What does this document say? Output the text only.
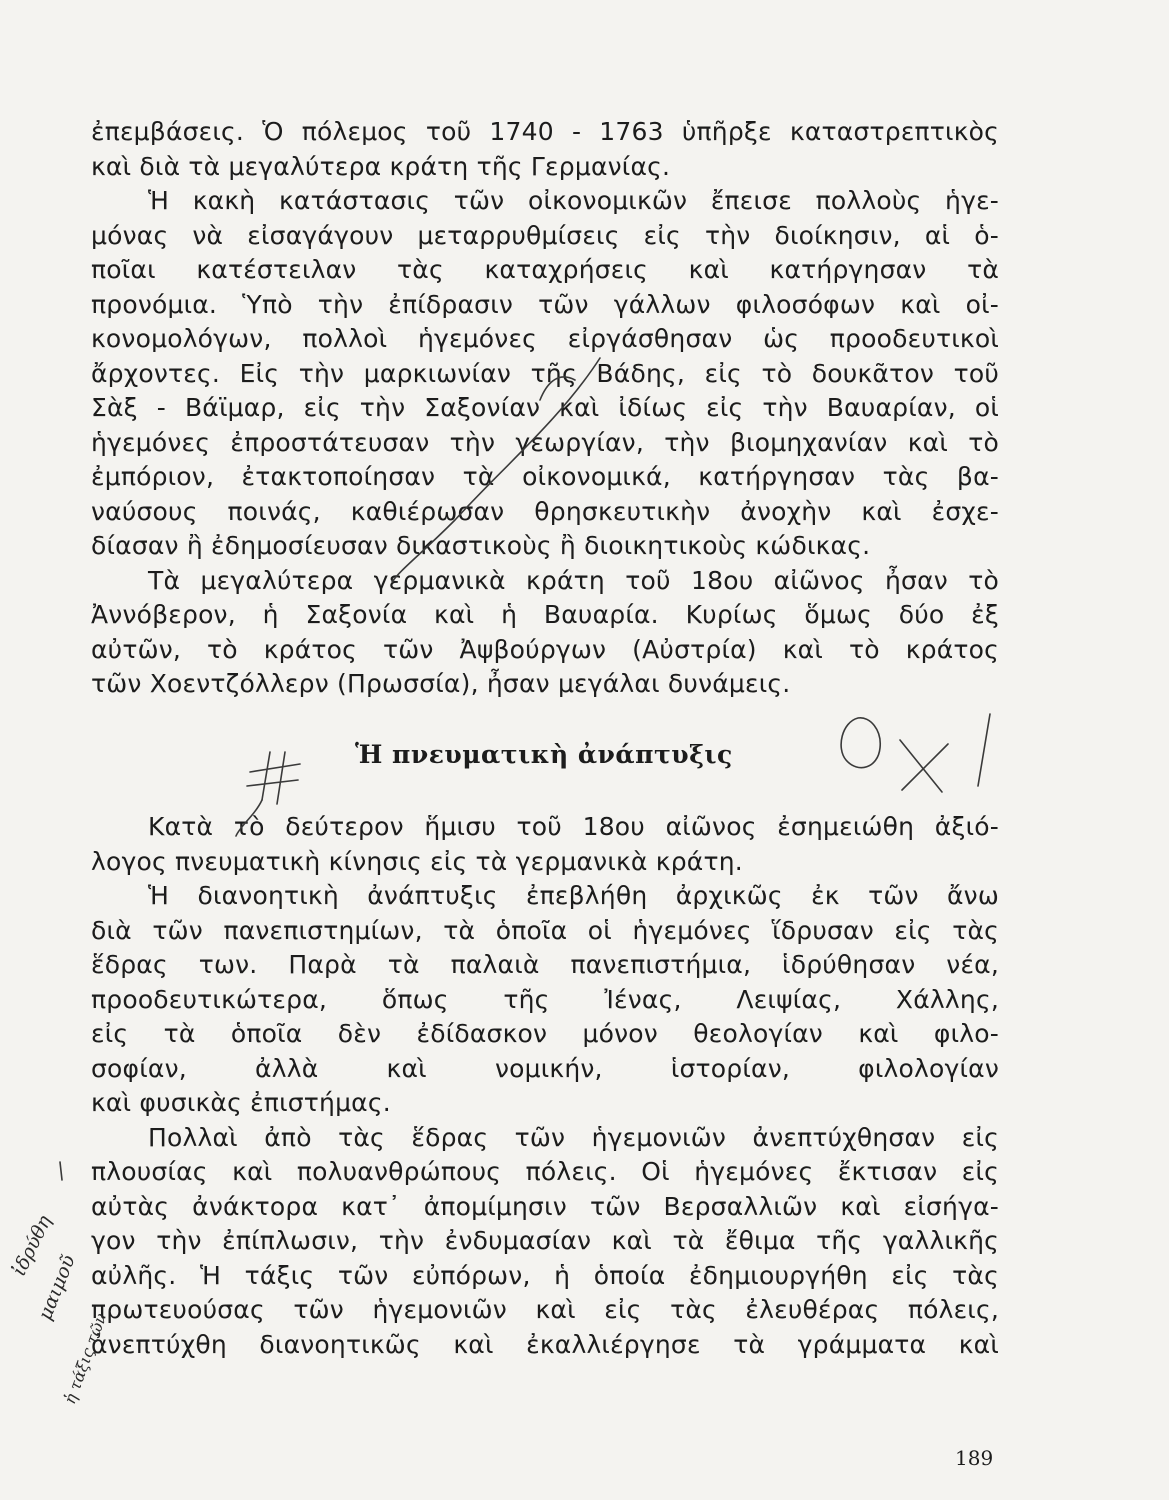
ἐπεμβάσεις. Ὁ πόλεμος τοῦ 1740 - 1763 ὑπῆρξε καταστρεπτικὸς
καὶ διὰ τὰ μεγαλύτερα κράτη τῆς Γερμανίας.
Ἡ κακὴ κατάστασις τῶν οἰκονομικῶν ἔπεισε πολλοὺς ἡγε-
μόνας νὰ εἰσαγάγουν μεταρρυθμίσεις εἰς τὴν διοίκησιν, αἱ ὁ-
ποῖαι κατέστειλαν τὰς καταχρήσεις καὶ κατήργησαν τὰ
προνόμια. Ὑπὸ τὴν ἐπίδρασιν τῶν γάλλων φιλοσόφων καὶ οἰ-
κονομολόγων, πολλοὶ ἡγεμόνες εἰργάσθησαν ὡς προοδευτικοὶ
ἄρχοντες. Εἰς τὴν μαρκιωνίαν τῆς Βάδης, εἰς τὸ δουκᾶτον τοῦ
Σὰξ - Βάϊμαρ, εἰς τὴν Σαξονίαν καὶ ἰδίως εἰς τὴν Βαυαρίαν, οἱ
ἡγεμόνες ἐπροστάτευσαν τὴν γεωργίαν, τὴν βιομηχανίαν καὶ τὸ
ἐμπόριον, ἐτακτοποίησαν τὰ οἰκονομικά, κατήργησαν τὰς βα-
ναύσους ποινάς, καθιέρωσαν θρησκευτικὴν ἀνοχὴν καὶ ἐσχε-
δίασαν ἢ ἐδημοσίευσαν δικαστικοὺς ἢ διοικητικοὺς κώδικας.
Τὰ μεγαλύτερα γερμανικὰ κράτη τοῦ 18ου αἰῶνος ἦσαν τὸ
Ἀννόβερον, ἡ Σαξονία καὶ ἡ Βαυαρία. Κυρίως ὅμως δύο ἐξ
αὐτῶν, τὸ κράτος τῶν Ἀψβούργων (Αὐστρία) καὶ τὸ κράτος
τῶν Χοεντζόλλερν (Πρωσσία), ἦσαν μεγάλαι δυνάμεις.
Ἡ πνευματικὴ ἀνάπτυξις
Κατὰ τὸ δεύτερον ἥμισυ τοῦ 18ου αἰῶνος ἐσημειώθη ἀξιό-
λογος πνευματικὴ κίνησις εἰς τὰ γερμανικὰ κράτη.
Ἡ διανοητικὴ ἀνάπτυξις ἐπεβλήθη ἀρχικῶς ἐκ τῶν ἄνω
διὰ τῶν πανεπιστημίων, τὰ ὁποῖα οἱ ἡγεμόνες ἵδρυσαν εἰς τὰς
ἕδρας των. Παρὰ τὰ παλαιὰ πανεπιστήμια, ἱδρύθησαν νέα,
προοδευτικώτερα, ὅπως τῆς Ἰένας, Λειψίας, Χάλλης,
εἰς τὰ ὁποῖα δὲν ἐδίδασκον μόνον θεολογίαν καὶ φιλο-
σοφίαν, ἀλλὰ καὶ νομικήν, ἱστορίαν, φιλολογίαν
καὶ φυσικὰς ἐπιστήμας.
Πολλαὶ ἀπὸ τὰς ἕδρας τῶν ἡγεμονιῶν ἀνεπτύχθησαν εἰς
πλουσίας καὶ πολυανθρώπους πόλεις. Οἱ ἡγεμόνες ἔκτισαν εἰς
αὐτὰς ἀνάκτορα κατ᾽ ἀπομίμησιν τῶν Βερσαλλιῶν καὶ εἰσήγα-
γον τὴν ἐπίπλωσιν, τὴν ἐνδυμασίαν καὶ τὰ ἔθιμα τῆς γαλλικῆς
αὐλῆς. Ἡ τάξις τῶν εὐπόρων, ἡ ὁποία ἐδημιουργήθη εἰς τὰς
πρωτευούσας τῶν ἡγεμονιῶν καὶ εἰς τὰς ἐλευθέρας πόλεις,
ἀνεπτύχθη διανοητικῶς καὶ ἐκαλλιέργησε τὰ γράμματα καὶ
189
ἰδρύθη
μαιμοῦ
ἡ τάξις τῶν
